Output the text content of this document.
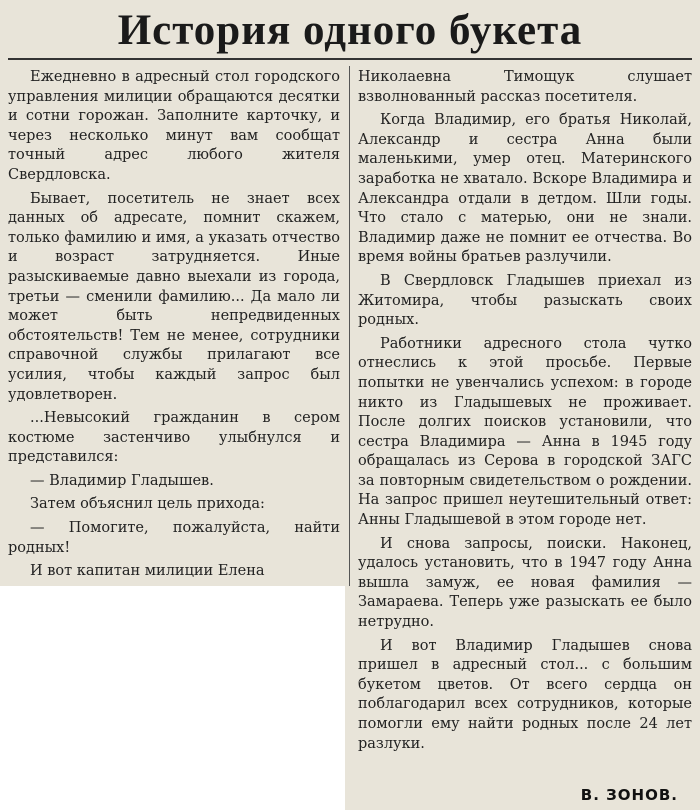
История одного букета

Ежедневно в адресный стол городского управления милиции обращаются десятки и сотни горожан. Заполните карточку, и через несколько минут вам сообщат точный адрес любого жителя Свердловска.

Бывает, посетитель не знает всех данных об адресате, помнит скажем, только фамилию и имя, а указать отчество и возраст затрудняется. Иные разыскиваемые давно выехали из города, третьи — сменили фамилию... Да мало ли может быть непредвиденных обстоятельств! Тем не менее, сотрудники справочной службы прилагают все усилия, чтобы каждый запрос был удовлетворен.

...Невысокий гражданин в сером костюме застенчиво улыбнулся и представился:

— Владимир Гладышев.

Затем объяснил цель прихода:

— Помогите, пожалуйста, найти родных!

И вот капитан милиции Елена

Николаевна Тимощук слушает взволнованный рассказ посетителя.

Когда Владимир, его братья Николай, Александр и сестра Анна были маленькими, умер отец. Материнского заработка не хватало. Вскоре Владимира и Александра отдали в детдом. Шли годы. Что стало с матерью, они не знали. Владимир даже не помнит ее отчества. Во время войны братьев разлучили.

В Свердловск Гладышев приехал из Житомира, чтобы разыскать своих родных.

Работники адресного стола чутко отнеслись к этой просьбе. Первые попытки не увенчались успехом: в городе никто из Гладышевых не проживает. После долгих поисков установили, что сестра Владимира — Анна в 1945 году обращалась из Серова в городской ЗАГС за повторным свидетельством о рождении. На запрос пришел неутешительный ответ: Анны Гладышевой в этом городе нет.

И снова запросы, поиски. Наконец, удалось установить, что в 1947 году Анна вышла замуж, ее новая фамилия — Замараева. Теперь уже разыскать ее было нетрудно.

И вот Владимир Гладышев снова пришел в адресный стол... с большим букетом цветов. От всего сердца он поблагодарил всех сотрудников, которые помогли ему найти родных после 24 лет разлуки.

В. ЗОНОВ.
